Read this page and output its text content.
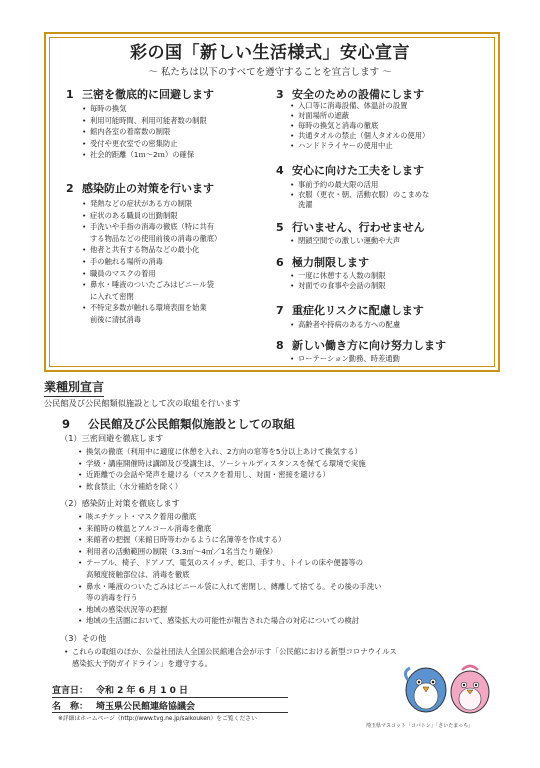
彩の国「新しい生活様式」安心宣言
～ 私たちは以下のすべてを遵守することを宣言します ～
1 三密を徹底的に回避します
• 毎時の換気
• 利用可能時間、利用可能者数の制限
• 館内各室の着席数の制限
• 受付や更衣室での密集防止
• 社会的距離（1ｍ～2ｍ）の確保
2 感染防止の対策を行います
• 発熱などの症状がある方の制限
• 症状のある職員の出勤制限
• 手洗いや手指の消毒の徹底（特に共有
する物品などの使用前後の消毒の徹底）
• 他者と共有する物品などの最小化
• 手の触れる場所の消毒
• 職員のマスクの着用
• 鼻水・唾液のついたごみはビニール袋
に入れて密閉
• 不特定多数が触れる環境表面を始業
前後に清拭消毒
3 安全のための設備にします
• 入口等に消毒設備、体温計の設置
• 対面場所の遮蔽
• 毎時の換気と消毒の徹底
• 共通タオルの禁止（個人タオルの使用）
• ハンドドライヤーの使用中止
4 安心に向けた工夫をします
• 事前予約の最大限の活用
• 衣服（更衣・朝、活動衣服）のこまめな
洗濯
5 行いません、行わせません
• 閉鎖空間での激しい運動や大声
6 極力制限します
• 一度に休憩する人数の制限
• 対面での食事や会話の制限
7 重症化リスクに配慮します
• 高齢者や持病のある方への配慮
8 新しい働き方に向け努力します
• ローテーション勤務、時差通勤
業種別宣言
公民館及び公民館類似施設として次の取組を行います
9 公民館及び公民館類似施設としての取組
（1）三密回避を徹底します
• 換気の徹底（利用中に適度に休憩を入れ、2方向の窓等を5分以上あけて換気する）
• 学級・講座開催時は講師及び受講生は、ソーシャルディスタンスを保てる環境で実施
• 近距離での会話や発声を避ける（マスクを着用し、対面・密接を避ける）
• 飲食禁止（水分補給を除く）
（2）感染防止対策を徹底します
• 咳エチケット・マスク着用の徹底
• 来館時の検温とアルコール消毒を徹底
• 来館者の把握（来館日時等わかるように名簿等を作成する）
• 利用者の活動範囲の制限（3.3㎡～4㎡／1名当たり確保）
• テーブル、椅子、ドアノブ、電気のスイッチ、蛇口、手すり、トイレの床や便器等の
高頻度接触部位は、消毒を徹底
• 鼻水・唾液のついたごみはビニール袋に入れて密閉し、縛離して捨てる。その後の手洗い
等の消毒を行う
• 地域の感染状況等の把握
• 地域の生活圏において、感染拡大の可能性が報告された場合の対応についての検討
（3）その他
• これらの取組のほか、公益社団法人全国公民館連合会が示す「公民館における新型コロナウイルス
感染拡大予防ガイドライン」を遵守する。
宣言日： 令和 2 年 6 月 1 0 日
名　称： 埼玉県公民館連絡協議会
※詳細はホームページ（http://www.tvg.ne.jp/saikouken）をご覧ください
埼玉県マスコット「コバトン」「さいたまっち」
